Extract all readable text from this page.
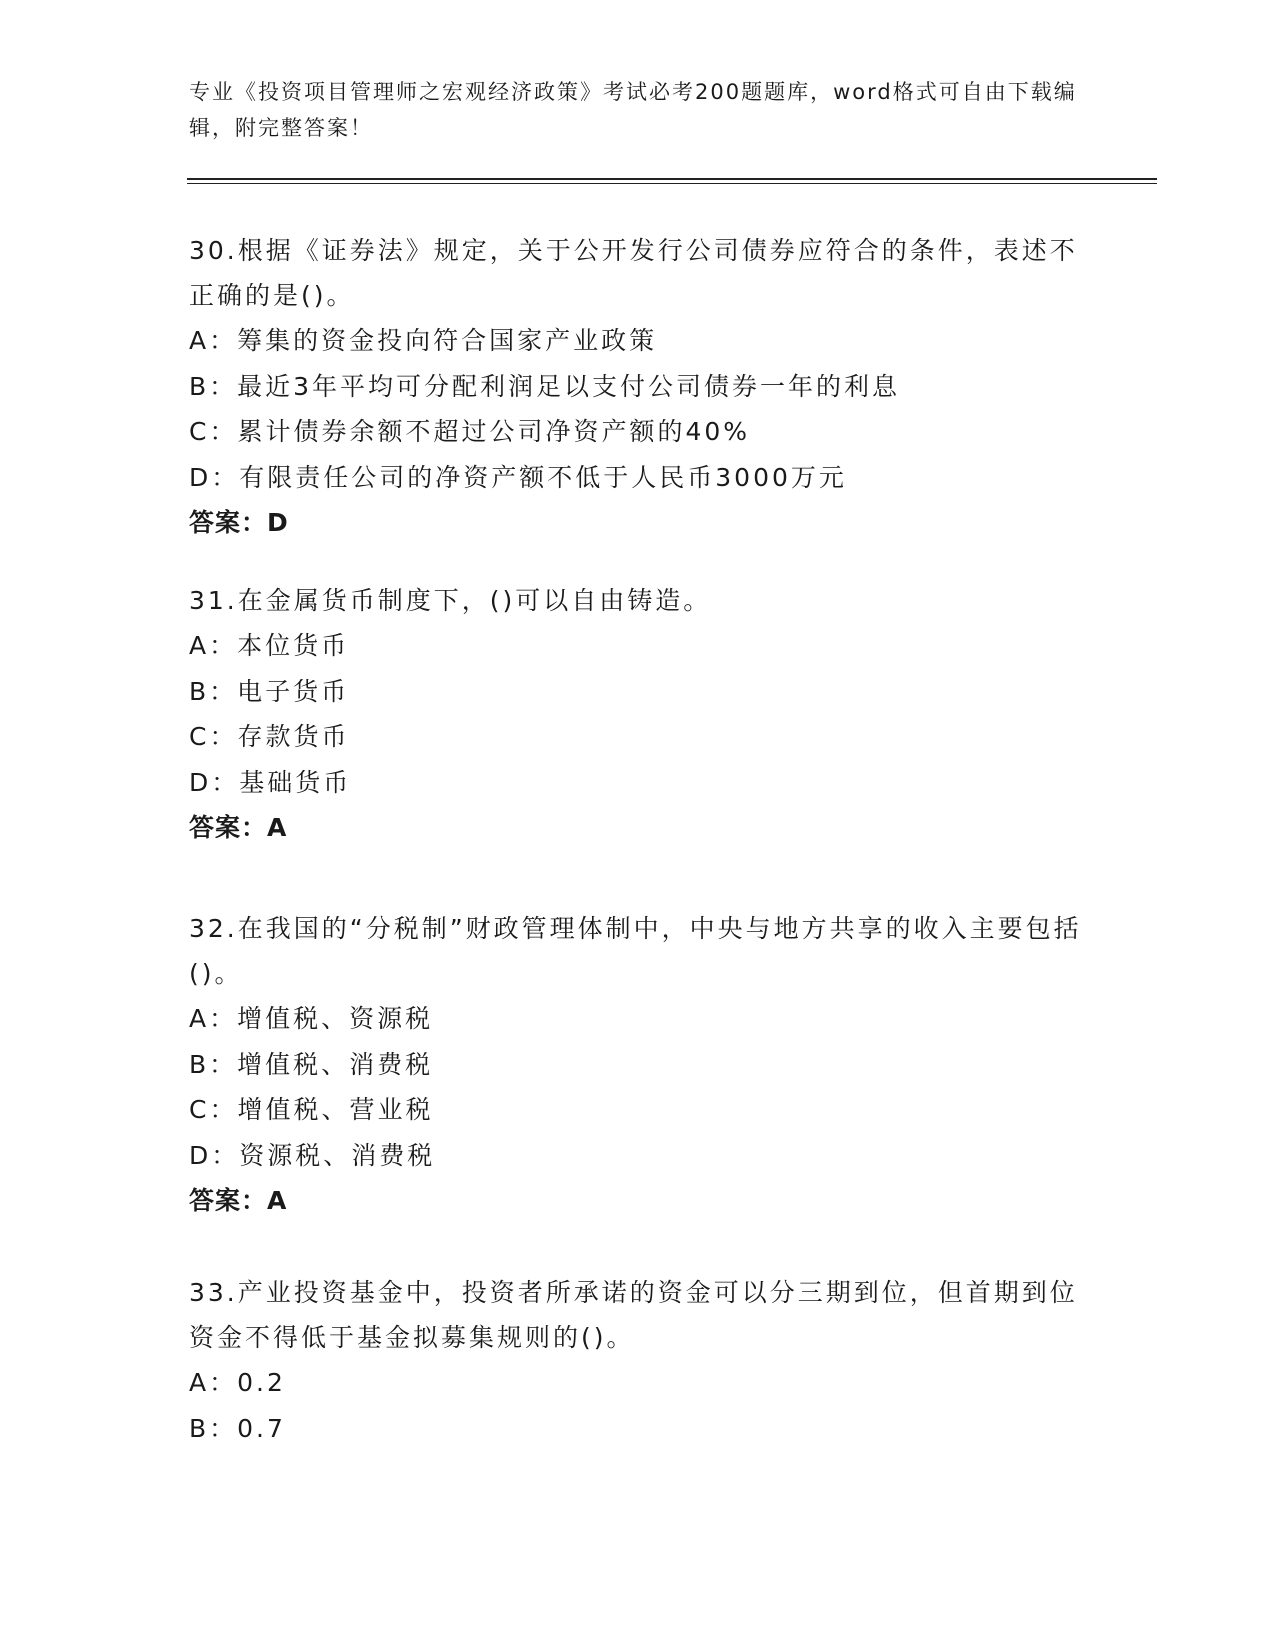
专业《投资项目管理师之宏观经济政策》考试必考200题题库，word格式可自由下载编辑，附完整答案！
30.根据《证券法》规定，关于公开发行公司债券应符合的条件，表述不正确的是()。
A：筹集的资金投向符合国家产业政策
B：最近3年平均可分配利润足以支付公司债券一年的利息
C：累计债券余额不超过公司净资产额的40%
D：有限责任公司的净资产额不低于人民币3000万元
答案：D
31.在金属货币制度下，()可以自由铸造。
A：本位货币
B：电子货币
C：存款货币
D：基础货币
答案：A
32.在我国的“分税制”财政管理体制中，中央与地方共享的收入主要包括()。
A：增值税、资源税
B：增值税、消费税
C：增值税、营业税
D：资源税、消费税
答案：A
33.产业投资基金中，投资者所承诺的资金可以分三期到位，但首期到位资金不得低于基金拟募集规则的()。
A：0.2
B：0.7
